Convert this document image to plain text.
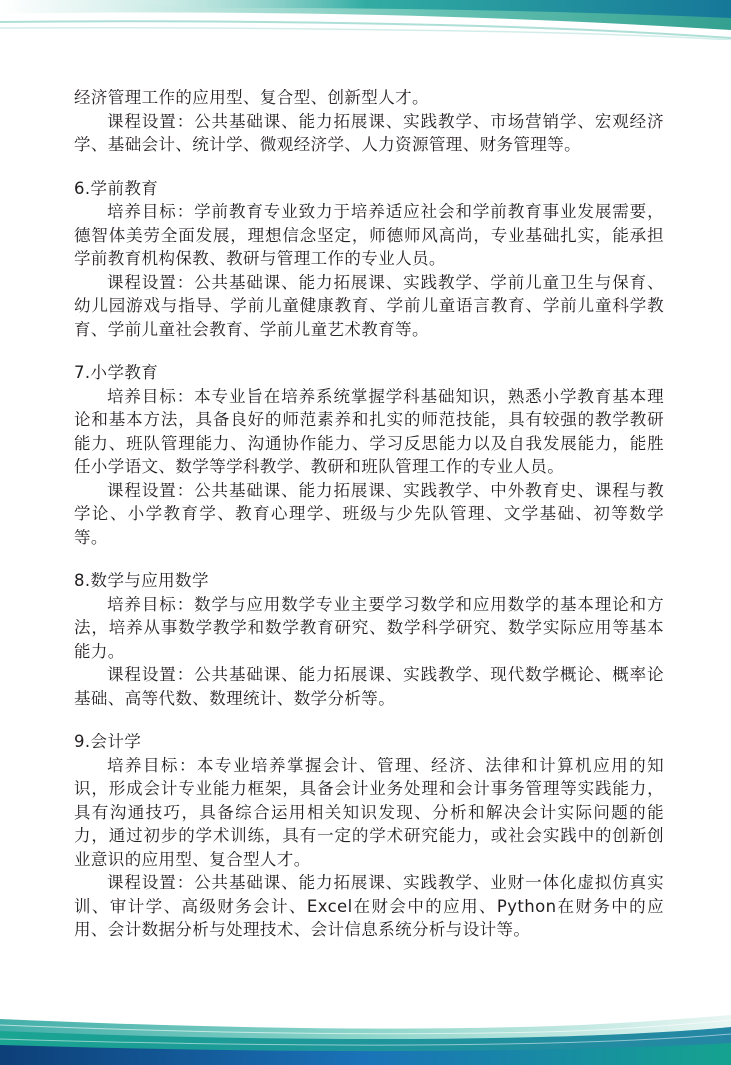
经济管理工作的应用型、复合型、创新型人才。

课程设置：公共基础课、能力拓展课、实践教学、市场营销学、宏观经济学、基础会计、统计学、微观经济学、人力资源管理、财务管理等。

6.学前教育

培养目标：学前教育专业致力于培养适应社会和学前教育事业发展需要，德智体美劳全面发展，理想信念坚定，师德师风高尚，专业基础扎实，能承担学前教育机构保教、教研与管理工作的专业人员。

课程设置：公共基础课、能力拓展课、实践教学、学前儿童卫生与保育、幼儿园游戏与指导、学前儿童健康教育、学前儿童语言教育、学前儿童科学教育、学前儿童社会教育、学前儿童艺术教育等。

7.小学教育

培养目标：本专业旨在培养系统掌握学科基础知识，熟悉小学教育基本理论和基本方法，具备良好的师范素养和扎实的师范技能，具有较强的教学教研能力、班队管理能力、沟通协作能力、学习反思能力以及自我发展能力，能胜任小学语文、数学等学科教学、教研和班队管理工作的专业人员。

课程设置：公共基础课、能力拓展课、实践教学、中外教育史、课程与教学论、小学教育学、教育心理学、班级与少先队管理、文学基础、初等数学等。

8.数学与应用数学

培养目标：数学与应用数学专业主要学习数学和应用数学的基本理论和方法，培养从事数学教学和数学教育研究、数学科学研究、数学实际应用等基本能力。

课程设置：公共基础课、能力拓展课、实践教学、现代数学概论、概率论基础、高等代数、数理统计、数学分析等。

9.会计学

培养目标：本专业培养掌握会计、管理、经济、法律和计算机应用的知识，形成会计专业能力框架，具备会计业务处理和会计事务管理等实践能力，具有沟通技巧，具备综合运用相关知识发现、分析和解决会计实际问题的能力，通过初步的学术训练，具有一定的学术研究能力，或社会实践中的创新创业意识的应用型、复合型人才。

课程设置：公共基础课、能力拓展课、实践教学、业财一体化虚拟仿真实训、审计学、高级财务会计、Excel在财会中的应用、Python在财务中的应用、会计数据分析与处理技术、会计信息系统分析与设计等。
